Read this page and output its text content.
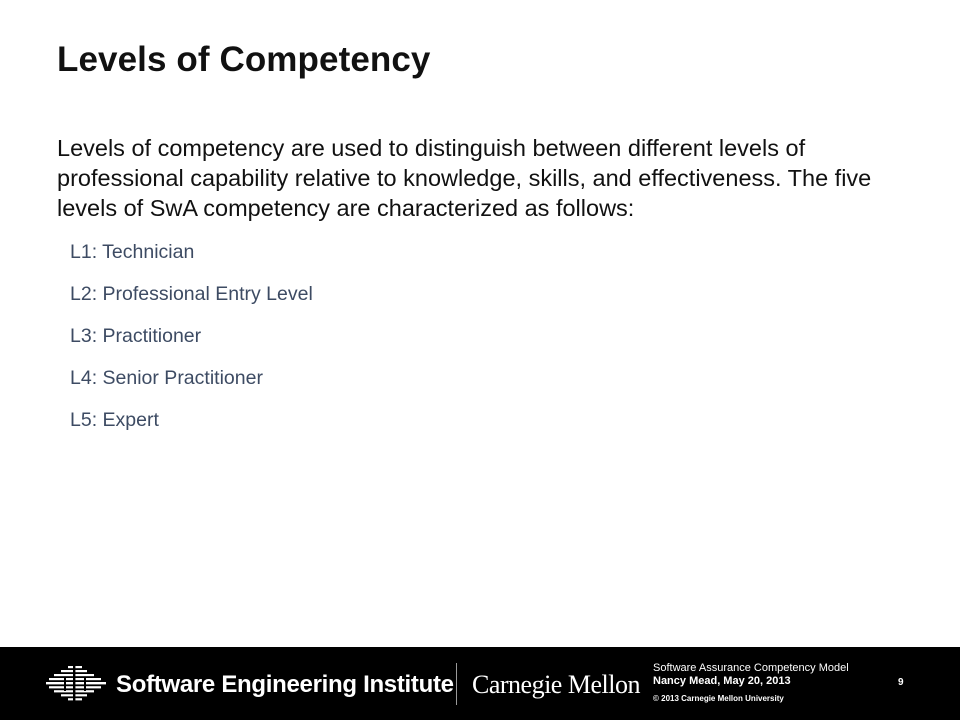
Levels of Competency

Levels of competency are used to distinguish between different levels of professional capability relative to knowledge, skills, and effectiveness. The five levels of SwA competency are characterized as follows:

L1: Technician
L2: Professional Entry Level
L3: Practitioner
L4: Senior Practitioner
L5: Expert
Software Engineering Institute Carnegie Mellon
Software Assurance Competency Model
Nancy Mead, May 20, 2013
© 2013 Carnegie Mellon University
9
